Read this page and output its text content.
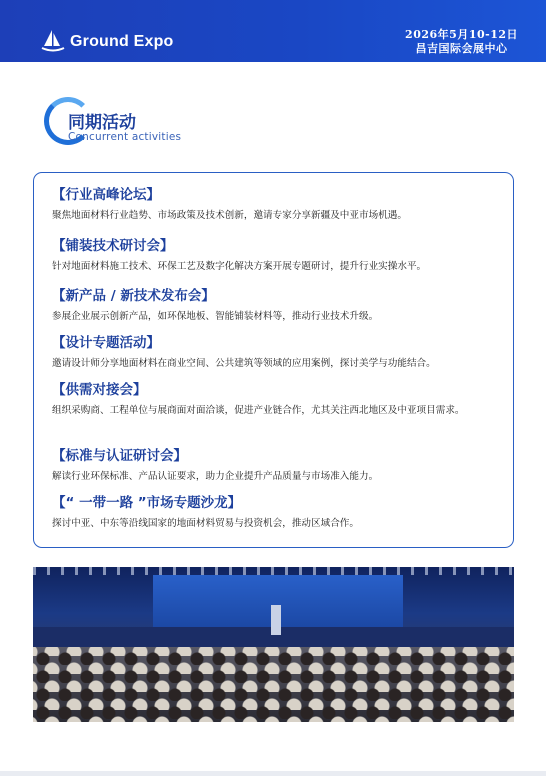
Ground Expo	2026年5月10-12日
昌吉国际会展中心
同期活动
Concurrent activities
【行业高峰论坛】
聚焦地面材料行业趋势、市场政策及技术创新，邀请专家分享新疆及中亚市场机遇。
【铺装技术研讨会】
针对地面材料施工技术、环保工艺及数字化解决方案开展专题研讨，提升行业实操水平。
【新产品 / 新技术发布会】
参展企业展示创新产品，如环保地板、智能铺装材料等，推动行业技术升级。
【设计专题活动】
邀请设计师分享地面材料在商业空间、公共建筑等领域的应用案例，探讨美学与功能结合。
【供需对接会】
组织采购商、工程单位与展商面对面洽谈，促进产业链合作，尤其关注西北地区及中亚项目需求。
【标准与认证研讨会】
解读行业环保标准、产品认证要求，助力企业提升产品质量与市场准入能力。
【“ 一带一路 ”市场专题沙龙】
探讨中亚、中东等沿线国家的地面材料贸易与投资机会，推动区域合作。
